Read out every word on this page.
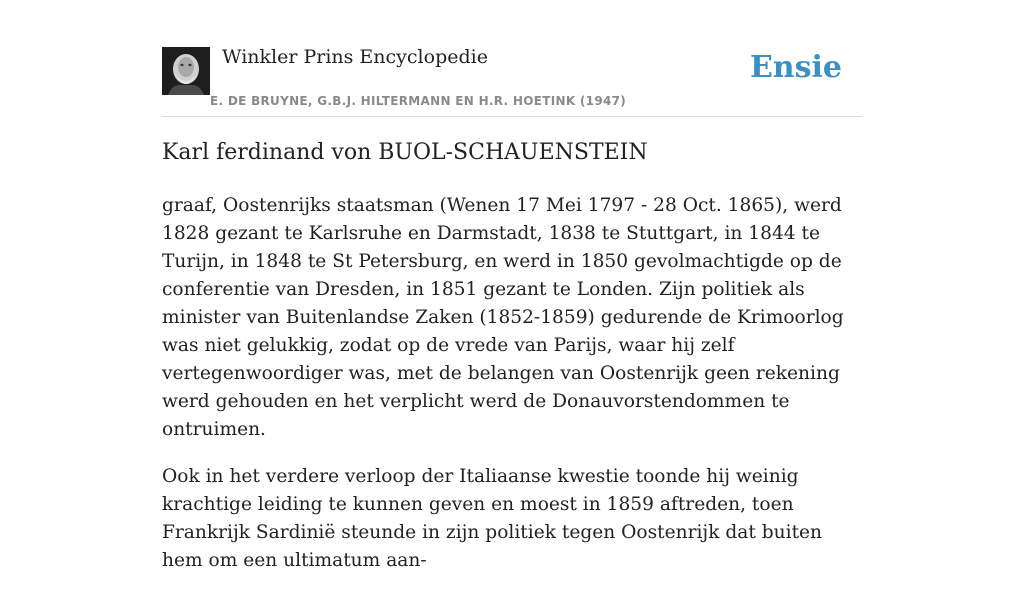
Winkler Prins Encyclopedie
E. DE BRUYNE, G.B.J. HILTERMANN EN H.R. HOETINK (1947)
Ensie
Karl ferdinand von BUOL-SCHAUENSTEIN

graaf, Oostenrijks staatsman (Wenen 17 Mei 1797 - 28 Oct. 1865), werd 1828 gezant te Karlsruhe en Darmstadt, 1838 te Stuttgart, in 1844 te Turijn, in 1848 te St Petersburg, en werd in 1850 gevolmachtigde op de conferentie van Dresden, in 1851 gezant te Londen. Zijn politiek als minister van Buitenlandse Zaken (1852-1859) gedurende de Krimoorlog was niet gelukkig, zodat op de vrede van Parijs, waar hij zelf vertegenwoordiger was, met de belangen van Oostenrijk geen rekening werd gehouden en het verplicht werd de Donauvorstendommen te ontruimen.

Ook in het verdere verloop der Italiaanse kwestie toonde hij weinig krachtige leiding te kunnen geven en moest in 1859 aftreden, toen Frankrijk Sardinië steunde in zijn politiek tegen Oostenrijk dat buiten hem om een ultimatum aan-
